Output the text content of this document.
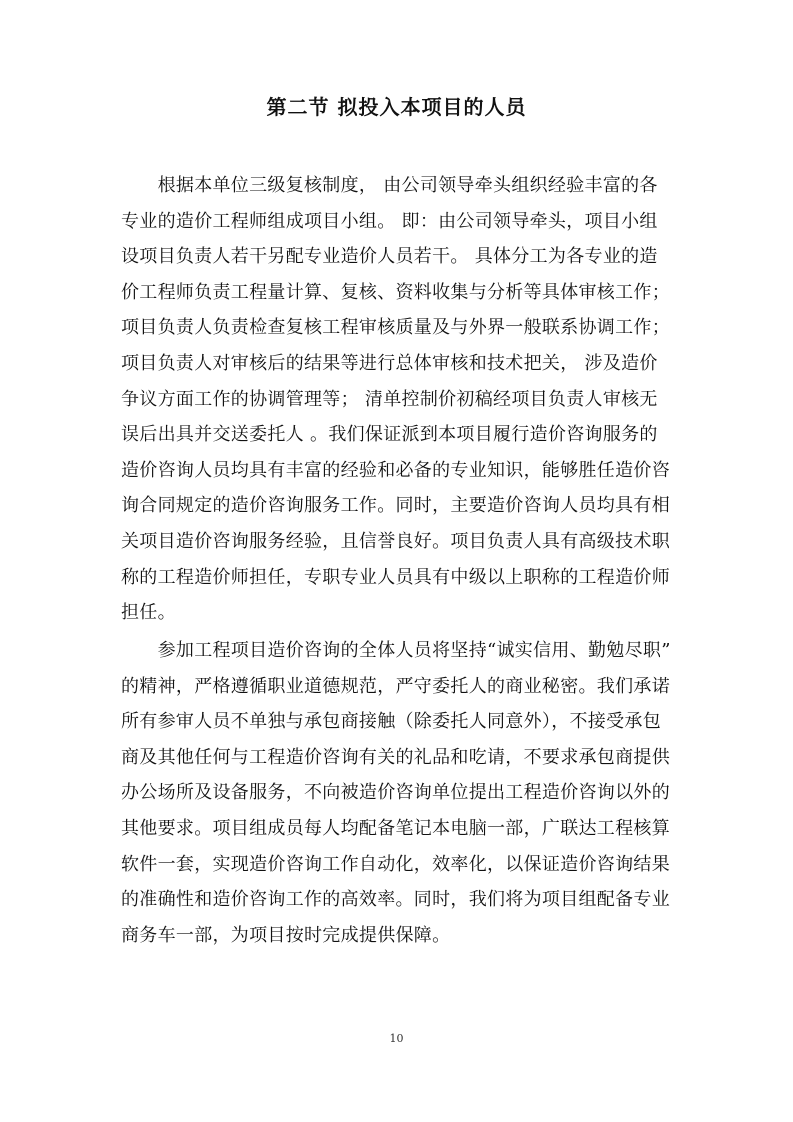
第二节 拟投入本项目的人员

　　根据本单位三级复核制度， 由公司领导牵头组织经验丰富的各
专业的造价工程师组成项目小组。 即：由公司领导牵头，项目小组
设项目负责人若干另配专业造价人员若干。 具体分工为各专业的造
价工程师负责工程量计算、复核、资料收集与分析等具体审核工作；
项目负责人负责检查复核工程审核质量及与外界一般联系协调工作；
项目负责人对审核后的结果等进行总体审核和技术把关， 涉及造价
争议方面工作的协调管理等； 清单控制价初稿经项目负责人审核无
误后出具并交送委托人 。我们保证派到本项目履行造价咨询服务的
造价咨询人员均具有丰富的经验和必备的专业知识，能够胜任造价咨
询合同规定的造价咨询服务工作。同时，主要造价咨询人员均具有相
关项目造价咨询服务经验，且信誉良好。项目负责人具有高级技术职
称的工程造价师担任，专职专业人员具有中级以上职称的工程造价师
担任。

　　参加工程项目造价咨询的全体人员将坚持“诚实信用、勤勉尽职”
的精神，严格遵循职业道德规范，严守委托人的商业秘密。我们承诺
所有参审人员不单独与承包商接触（除委托人同意外），不接受承包
商及其他任何与工程造价咨询有关的礼品和吃请，不要求承包商提供
办公场所及设备服务，不向被造价咨询单位提出工程造价咨询以外的
其他要求。项目组成员每人均配备笔记本电脑一部，广联达工程核算
软件一套，实现造价咨询工作自动化，效率化，以保证造价咨询结果
的准确性和造价咨询工作的高效率。同时，我们将为项目组配备专业
商务车一部，为项目按时完成提供保障。

10
